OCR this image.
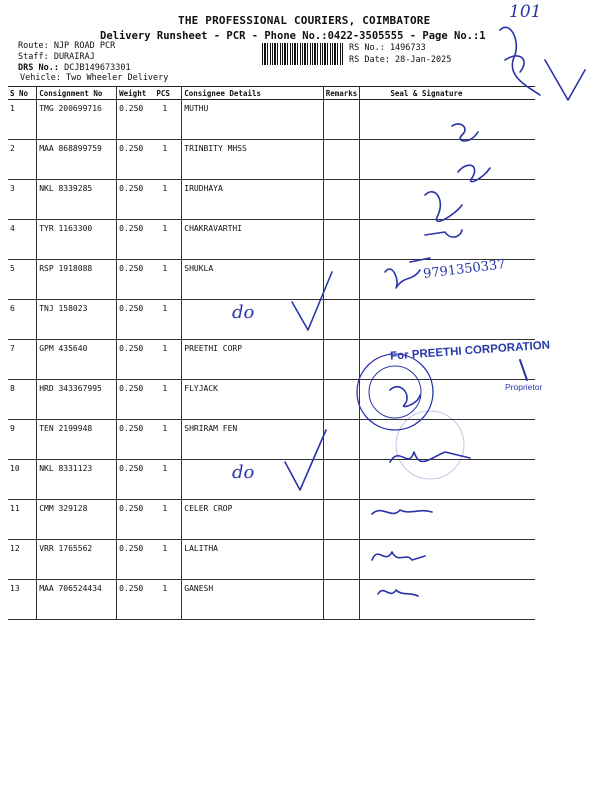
THE PROFESSIONAL COURIERS, COIMBATORE
Delivery Runsheet - PCR - Phone No.:0422-3505555 - Page No.:1
Route: NJP ROAD PCR
Staff: DURAIRAJ
DRS No.: DCJB149673301
Vehicle: Two Wheeler Delivery
RS No.: 1496733
RS Date: 28-Jan-2025
S No	Consignment No	Weight	PCS	Consignee Details	Remarks	Seal & Signature
1	TMG 200699716	0.250	1	MUTHU		
2	MAA 868899759	0.250	1	TRINBITY MHSS		
3	NKL 8339285	0.250	1	IRUDHAYA		
4	TYR 1163300	0.250	1	CHAKRAVARTHI		
5	RSP 1918088	0.250	1	SHUKLA		
6	TNJ 158023	0.250	1			
7	GPM 435640	0.250	1	PREETHI CORP		
8	HRD 343367995	0.250	1	FLYJACK		
9	TEN 2199948	0.250	1	SHRIRAM FEN		
10	NKL 8331123	0.250	1			
11	CMM 329128	0.250	1	CELER CROP		
12	VRR 1765562	0.250	1	LALITHA		
13	MAA 706524434	0.250	1	GANESH		
101
do
do
9791350337
For PREETHI CORPORATION
Proprietor
